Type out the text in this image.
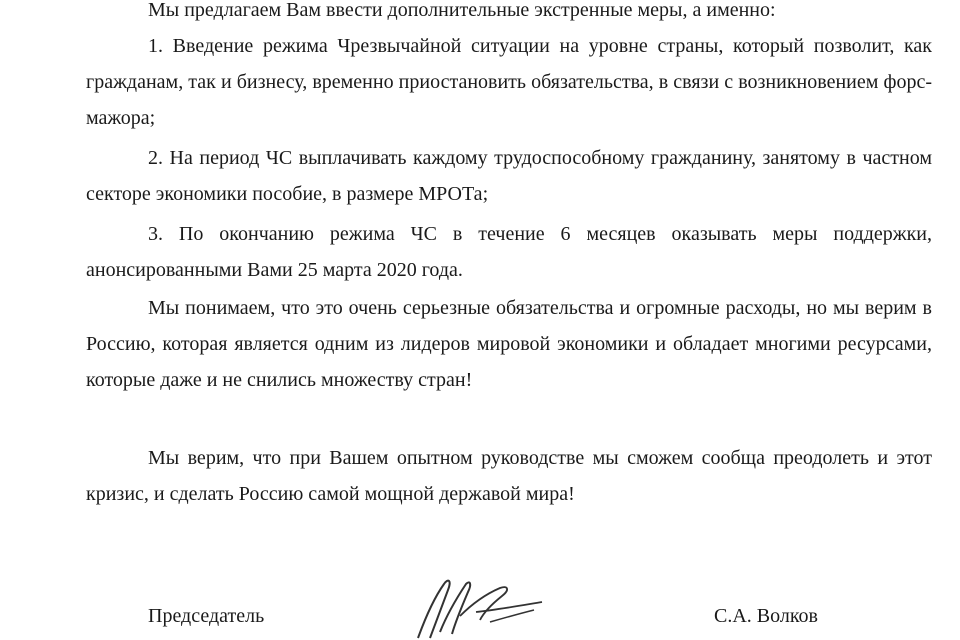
Мы предлагаем Вам ввести дополнительные экстренные меры, а именно:
1. Введение режима Чрезвычайной ситуации на уровне страны, который позволит, как гражданам, так и бизнесу, временно приостановить обязательства, в связи с возникновением форс-мажора;
2. На период ЧС выплачивать каждому трудоспособному гражданину, занятому в частном секторе экономики пособие, в размере МРОТа;
3. По окончанию режима ЧС в течение 6 месяцев оказывать меры поддержки, анонсированными Вами 25 марта 2020 года.
Мы понимаем, что это очень серьезные обязательства и огромные расходы, но мы верим в Россию, которая является одним из лидеров мировой экономики и обладает многими ресурсами, которые даже и не снились множеству стран!
Мы верим, что при Вашем опытном руководстве мы сможем сообща преодолеть и этот кризис, и сделать Россию самой мощной державой мира!
Председатель	С.А. Волков
